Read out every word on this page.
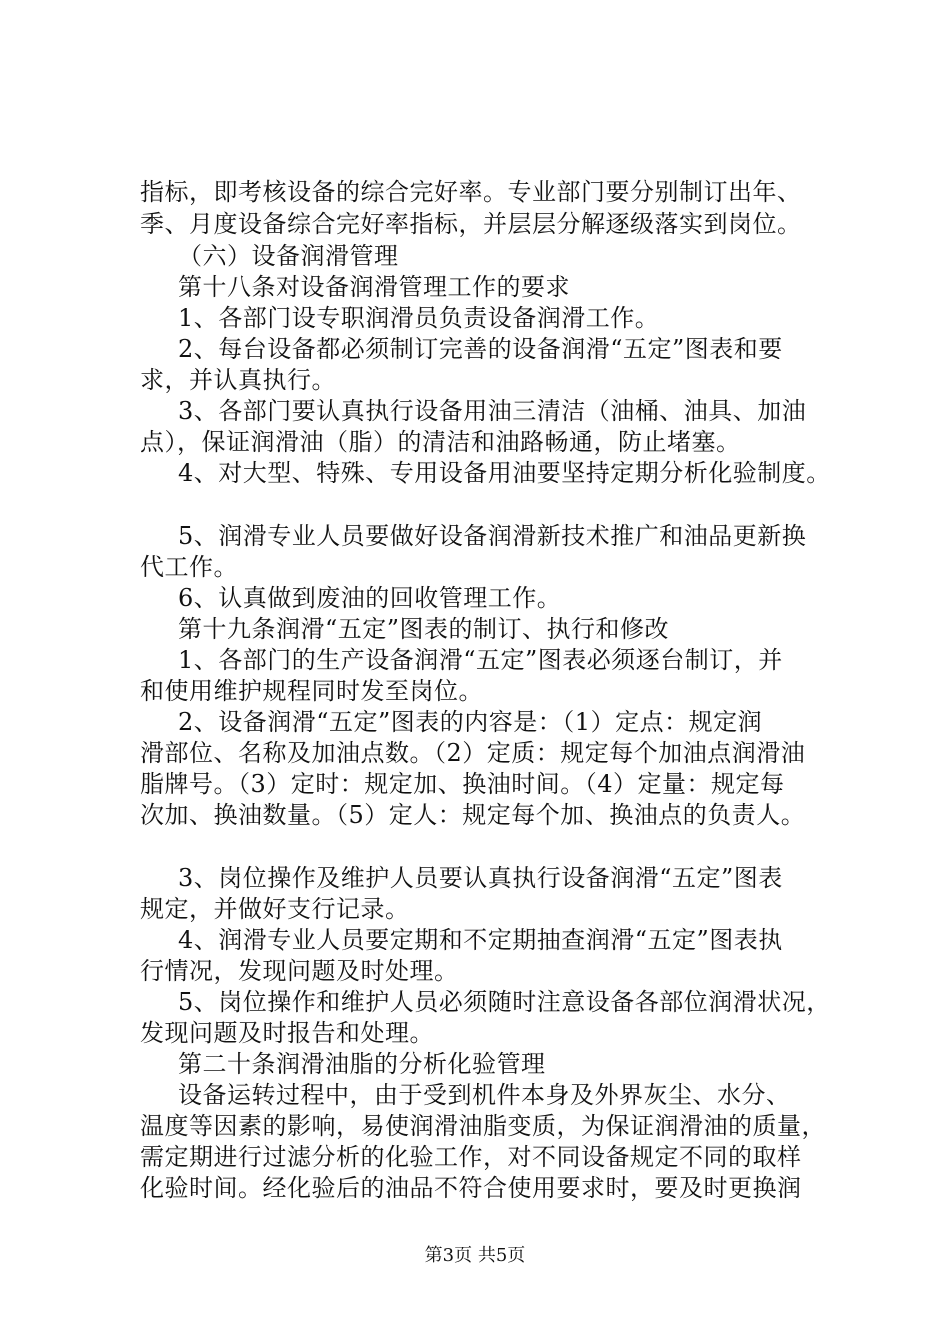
指标，即考核设备的综合完好率。专业部门要分别制订出年、
季、月度设备综合完好率指标，并层层分解逐级落实到岗位。
（六）设备润滑管理
第十八条对设备润滑管理工作的要求
1、各部门设专职润滑员负责设备润滑工作。
2、每台设备都必须制订完善的设备润滑“五定”图表和要
求，并认真执行。
3、各部门要认真执行设备用油三清洁（油桶、油具、加油
点），保证润滑油（脂）的清洁和油路畅通，防止堵塞。
4、对大型、特殊、专用设备用油要坚持定期分析化验制度。
5、润滑专业人员要做好设备润滑新技术推广和油品更新换
代工作。
6、认真做到废油的回收管理工作。
第十九条润滑“五定”图表的制订、执行和修改
1、各部门的生产设备润滑“五定”图表必须逐台制订，并
和使用维护规程同时发至岗位。
2、设备润滑“五定”图表的内容是：（1）定点：规定润
滑部位、名称及加油点数。（2）定质：规定每个加油点润滑油
脂牌号。（3）定时：规定加、换油时间。（4）定量：规定每
次加、换油数量。（5）定人：规定每个加、换油点的负责人。
3、岗位操作及维护人员要认真执行设备润滑“五定”图表
规定，并做好支行记录。
4、润滑专业人员要定期和不定期抽查润滑“五定”图表执
行情况，发现问题及时处理。
5、岗位操作和维护人员必须随时注意设备各部位润滑状况，
发现问题及时报告和处理。
第二十条润滑油脂的分析化验管理
设备运转过程中，由于受到机件本身及外界灰尘、水分、
温度等因素的影响，易使润滑油脂变质，为保证润滑油的质量，
需定期进行过滤分析的化验工作，对不同设备规定不同的取样
化验时间。经化验后的油品不符合使用要求时，要及时更换润
第3页 共5页
